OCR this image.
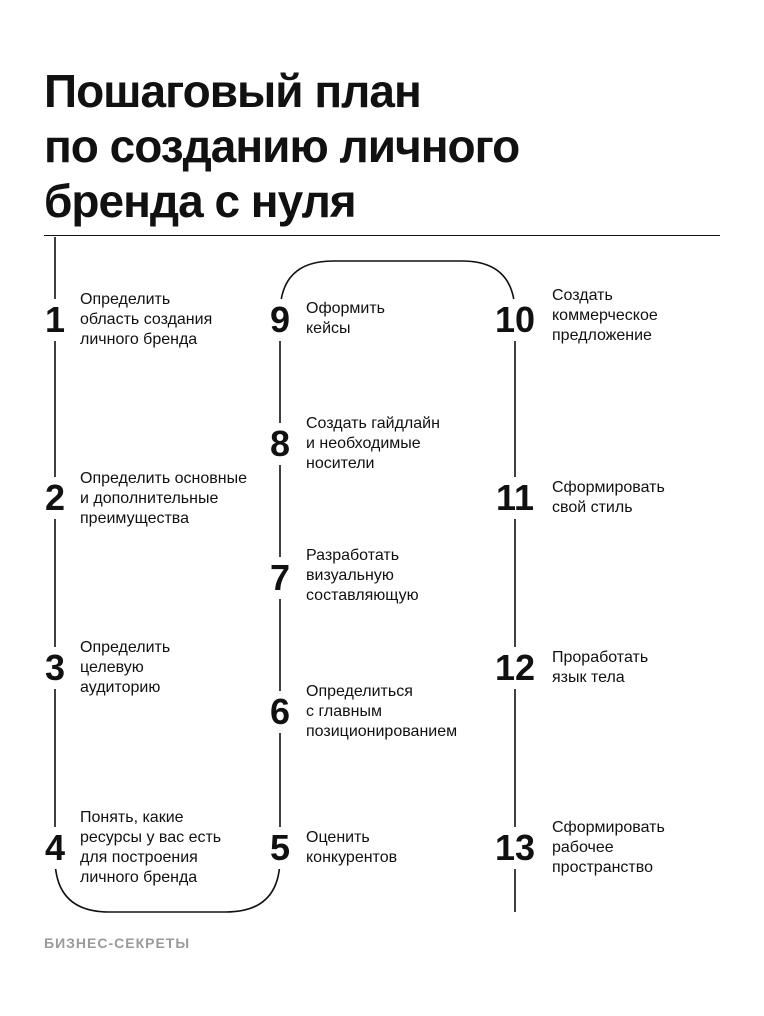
Пошаговый план
по созданию личного
бренда с нуля
1 Определить
область создания
личного бренда
2 Определить основные
и дополнительные
преимущества
3 Определить
целевую
аудиторию
4
Понять, какие
ресурсы у вас есть
для построения
личного бренда
5 Оценить
конкурентов
6 Определиться
с главным
позиционированием
7
Разработать
визуальную
составляющую
8 Создать гайдлайн
и необходимые
носители
9 Оформить
кейсы	10
Создать
коммерческое
предложение
11 Сформировать
свой стиль
12 Проработать
язык тела
13 Сформировать
рабочее
пространство
БИЗНЕС-СЕКРЕТЫ
